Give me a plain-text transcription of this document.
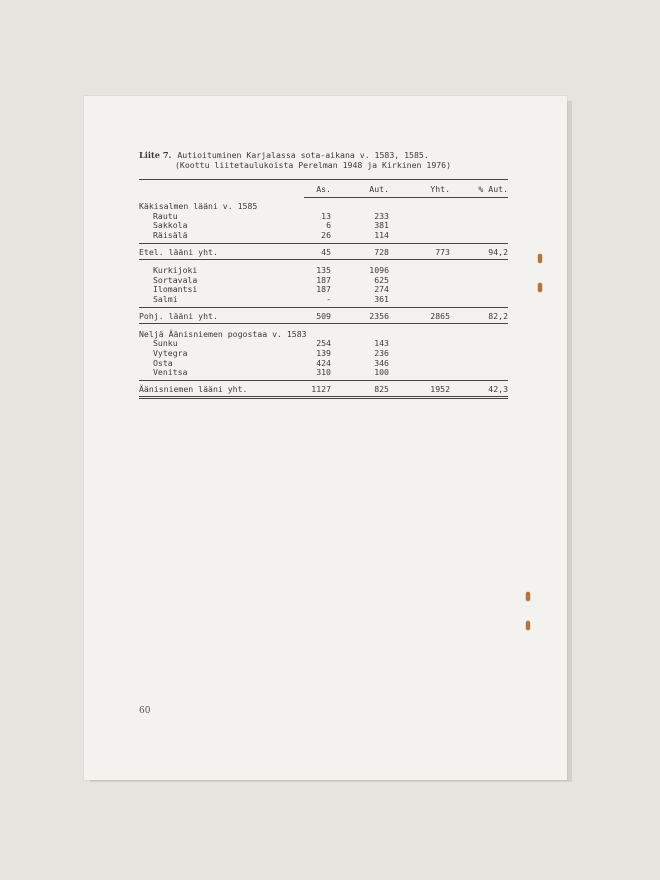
Liite 7. Autioituminen Karjalassa sota-aikana v. 1583, 1585.
(Koottu liitetaulukoista Perelman 1948 ja Kirkinen 1976)
As.	Aut.	Yht.	% Aut.
Käkisalmen lääni v. 1585
Rautu	13	233
Sakkola	6	381
Räisälä	26	114
Etel. lääni yht.	45	728	773	94,2
Kurkijoki	135	1096
Sortavala	187	625
Ilomantsi	187	274
Salmi	-	361
Pohj. lääni yht.	509	2356	2865	82,2
Neljä Äänisniemen pogostaa v. 1583
Sunku	254	143
Vytegra	139	236
Osta	424	346
Venitsa	310	100
Äänisniemen lääni yht.	1127	825	1952	42,3
60
